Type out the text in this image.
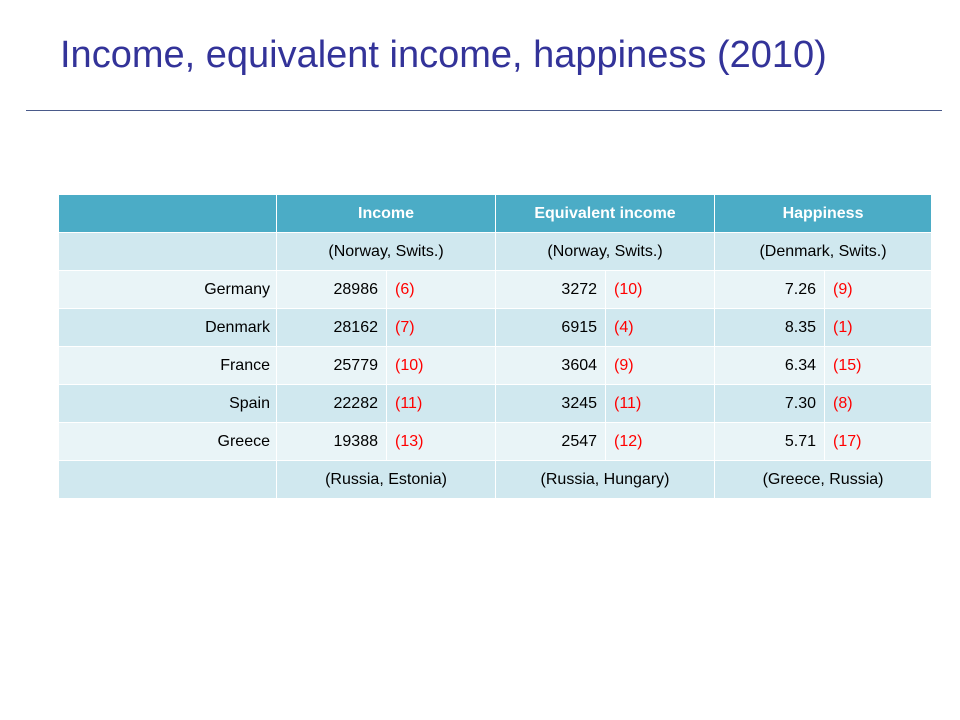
Income, equivalent income, happiness (2010)
	Income		Equivalent income		Happiness	
	(Norway, Swits.)		(Norway, Swits.)		(Denmark, Swits.)	
Germany	28986	(6)	3272	(10)	7.26	(9)
Denmark	28162	(7)	6915	(4)	8.35	(1)
France	25779	(10)	3604	(9)	6.34	(15)
Spain	22282	(11)	3245	(11)	7.30	(8)
Greece	19388	(13)	2547	(12)	5.71	(17)
	(Russia, Estonia)		(Russia, Hungary)		(Greece, Russia)	
